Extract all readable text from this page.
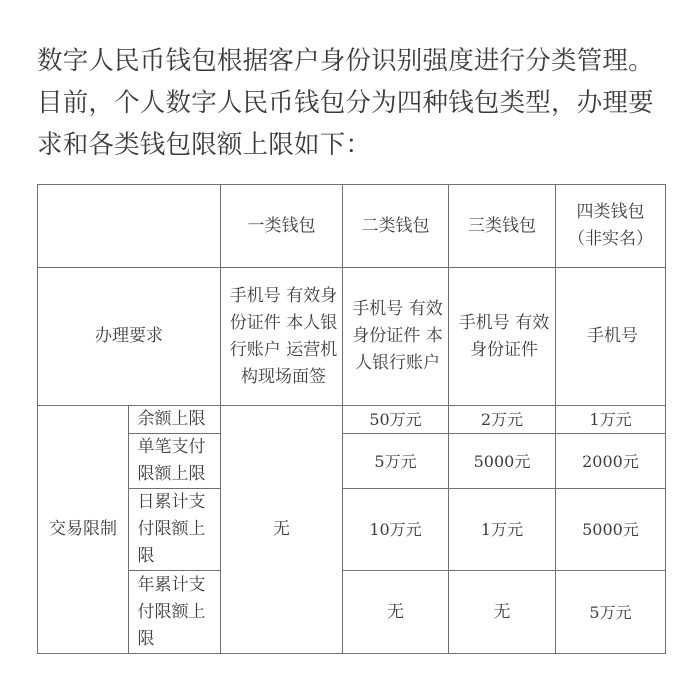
数字人民币钱包根据客户身份识别强度进行分类管理。

目前，个人数字人民币钱包分为四种钱包类型，办理要

求和各类钱包限额上限如下：

		一类钱包	二类钱包	三类钱包	四类钱包（非实名）
办理要求		手机号 有效身份证件 本人银行账户 运营机构现场面签	手机号 有效身份证件 本人银行账户	手机号 有效身份证件	手机号
交易限制	余额上限	无	50万元	2万元	1万元
	单笔支付限额上限		5万元	5000元	2000元
	日累计支付限额上限		10万元	1万元	5000元
	年累计支付限额上限		无	无	5万元
